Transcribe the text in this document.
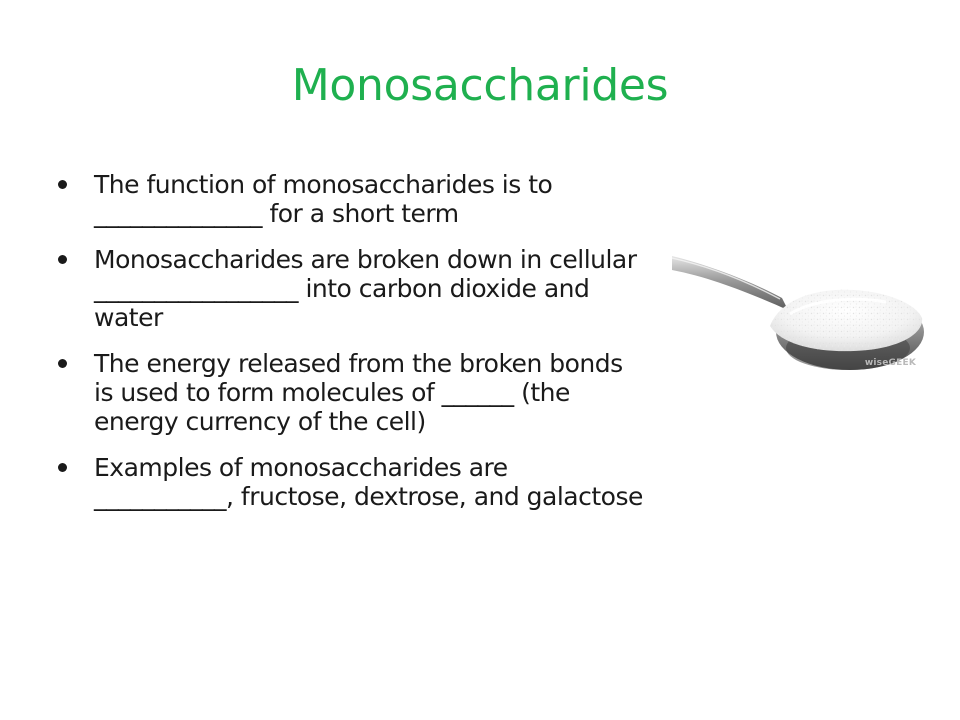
Monosaccharides
The function of monosaccharides is to ______________ for a short term
Monosaccharides are broken down in cellular _________________ into carbon dioxide and water
The energy released from the broken bonds is used to form molecules of ______ (the energy currency of the cell)
Examples of monosaccharides are ___________, fructose, dextrose, and galactose
wiseGEEK
